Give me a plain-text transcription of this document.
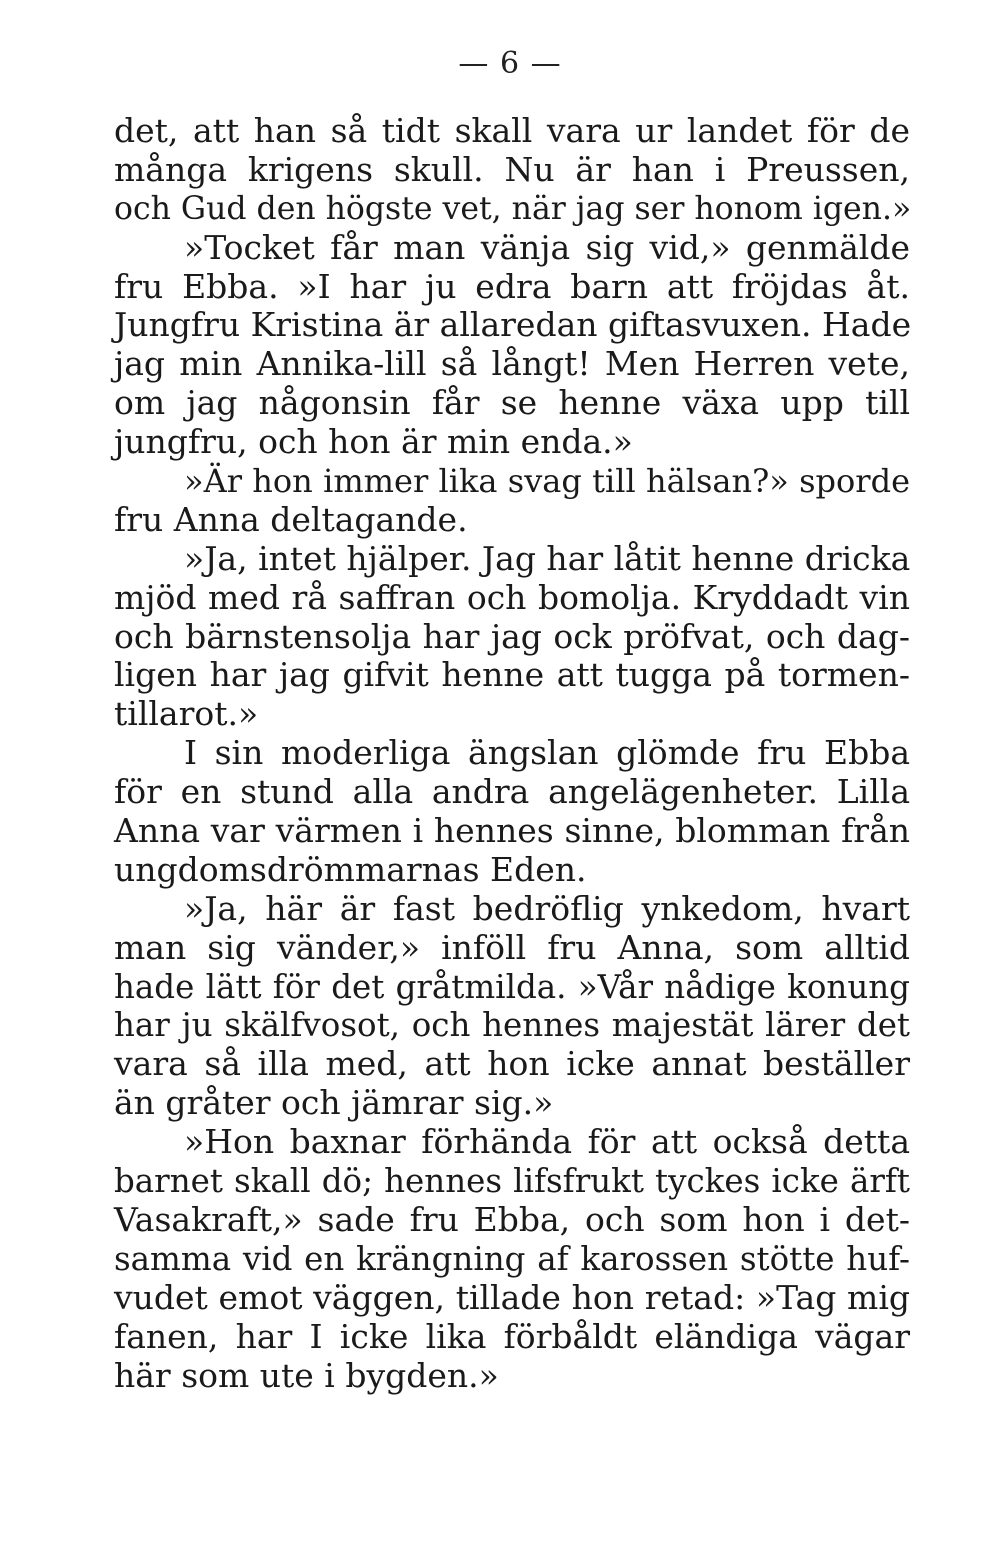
— 6 —
det, att han så tidt skall vara ur landet för de
många krigens skull. Nu är han i Preussen,
och Gud den högste vet, när jag ser honom igen.»
»Tocket får man vänja sig vid,» genmälde
fru Ebba. »I har ju edra barn att fröjdas åt.
Jungfru Kristina är allaredan giftasvuxen. Hade
jag min Annika-lill så långt! Men Herren vete,
om jag någonsin får se henne växa upp till
jungfru, och hon är min enda.»
»Är hon immer lika svag till hälsan?» sporde
fru Anna deltagande.
»Ja, intet hjälper. Jag har låtit henne dricka
mjöd med rå saffran och bomolja. Kryddadt vin
och bärnstensolja har jag ock pröfvat, och dag-
ligen har jag gifvit henne att tugga på tormen-
tillarot.»
I sin moderliga ängslan glömde fru Ebba
för en stund alla andra angelägenheter. Lilla
Anna var värmen i hennes sinne, blomman från
ungdomsdrömmarnas Eden.
»Ja, här är fast bedröflig ynkedom, hvart
man sig vänder,» inföll fru Anna, som alltid
hade lätt för det gråtmilda. »Vår nådige konung
har ju skälfvosot, och hennes majestät lärer det
vara så illa med, att hon icke annat beställer
än gråter och jämrar sig.»
»Hon baxnar förhända för att också detta
barnet skall dö; hennes lifsfrukt tyckes icke ärft
Vasakraft,» sade fru Ebba, och som hon i det-
samma vid en krängning af karossen stötte huf-
vudet emot väggen, tillade hon retad: »Tag mig
fanen, har I icke lika förbåldt eländiga vägar
här som ute i bygden.»
